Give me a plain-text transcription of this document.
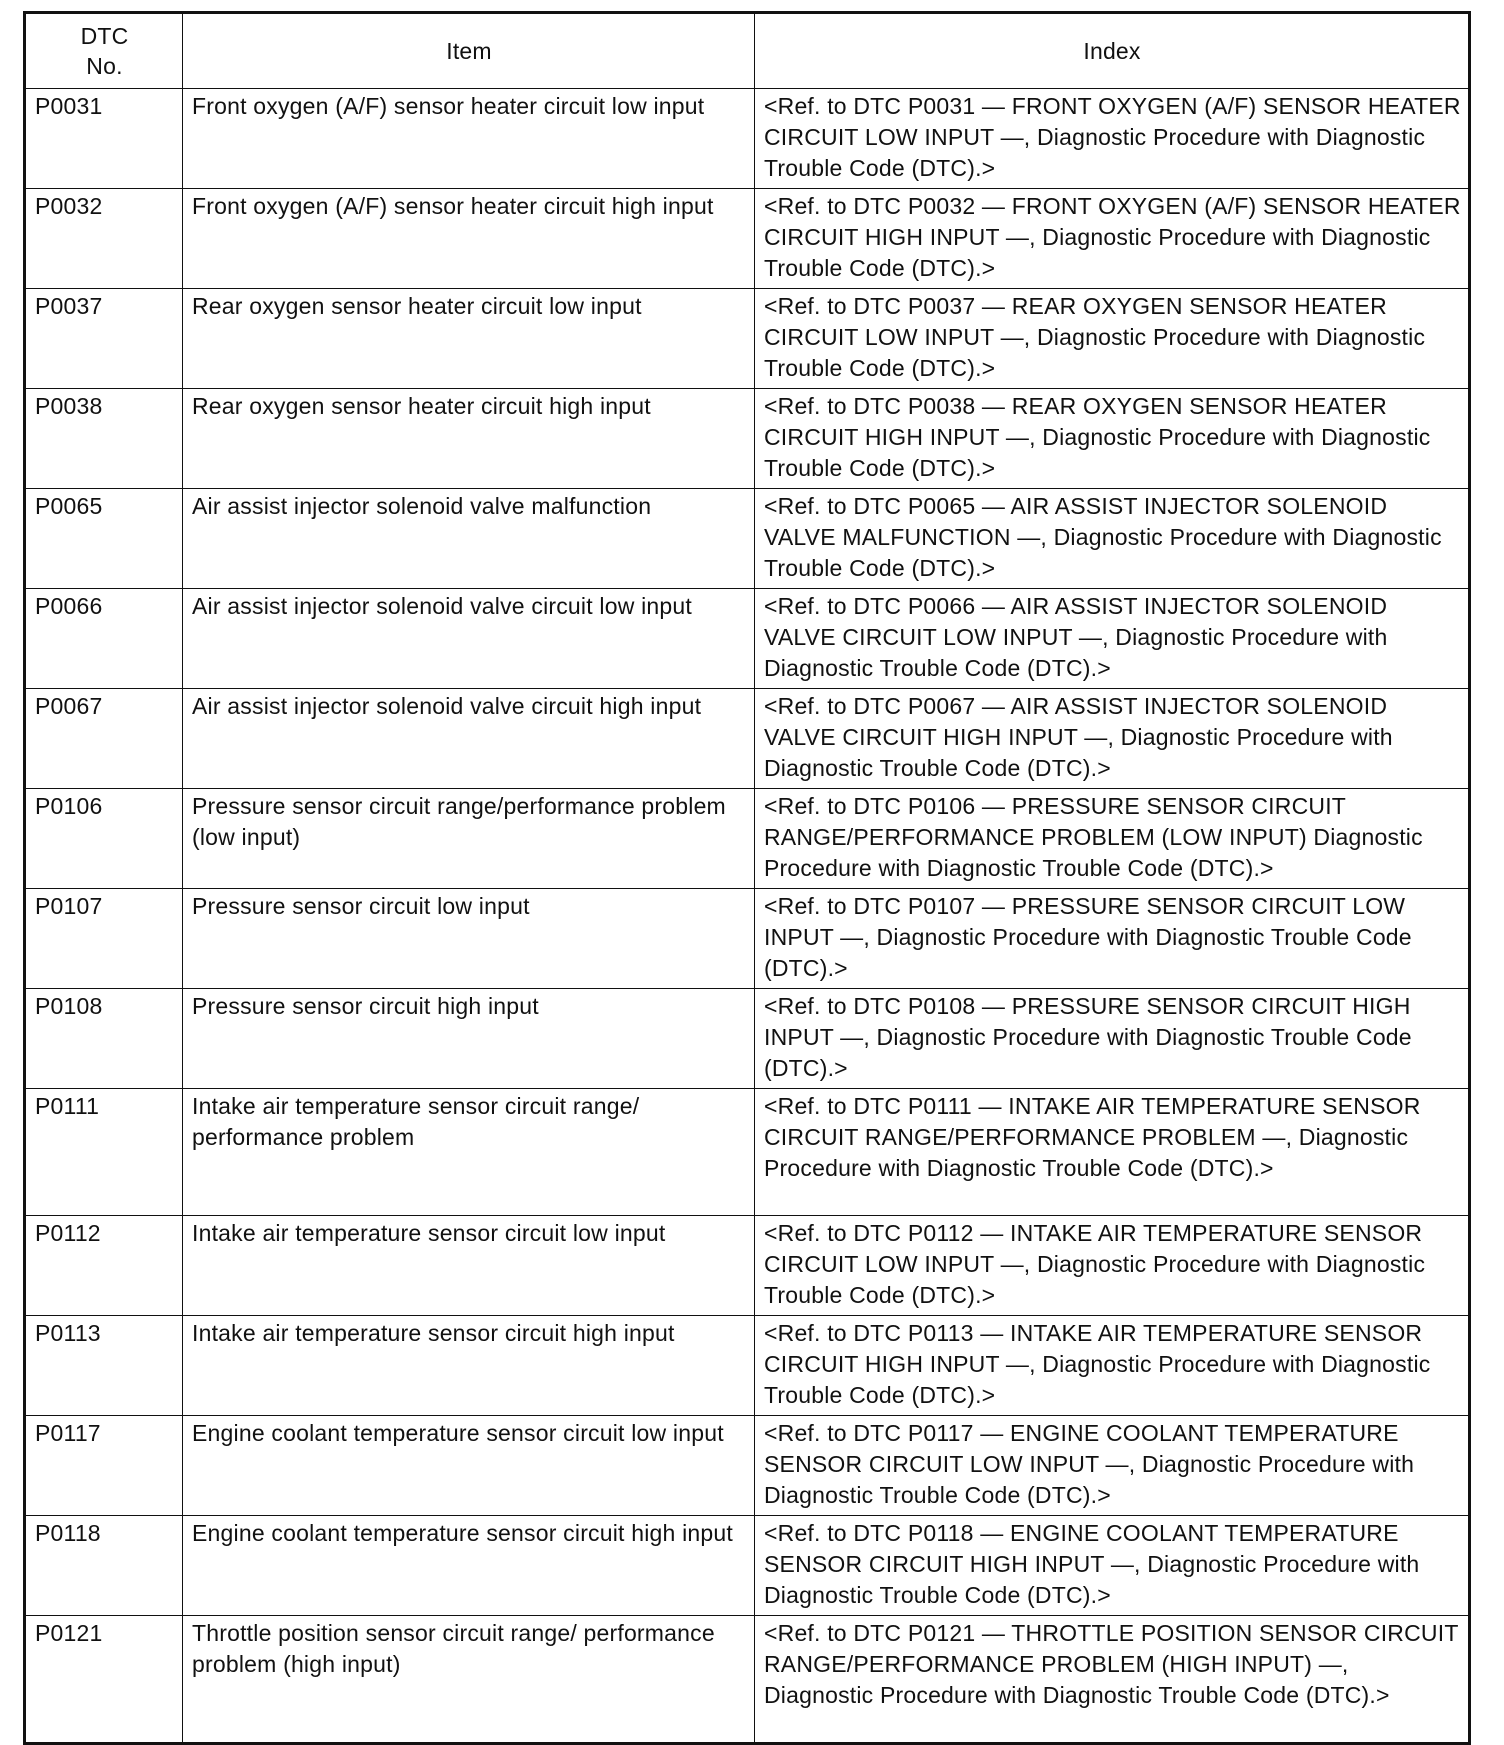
DTC
No.	Item	Index
P0031	Front oxygen (A/F) sensor heater circuit low input	<Ref. to DTC P0031 — FRONT OXYGEN (A/F) SENSOR HEATER CIRCUIT LOW INPUT —, Diagnostic Procedure with Diagnostic Trouble Code (DTC).>
P0032	Front oxygen (A/F) sensor heater circuit high input	<Ref. to DTC P0032 — FRONT OXYGEN (A/F) SENSOR HEATER CIRCUIT HIGH INPUT —, Diagnostic Procedure with Diagnostic Trouble Code (DTC).>
P0037	Rear oxygen sensor heater circuit low input	<Ref. to DTC P0037 — REAR OXYGEN SENSOR HEATER CIRCUIT LOW INPUT —, Diagnostic Procedure with Diagnostic Trouble Code (DTC).>
P0038	Rear oxygen sensor heater circuit high input	<Ref. to DTC P0038 — REAR OXYGEN SENSOR HEATER CIRCUIT HIGH INPUT —, Diagnostic Procedure with Diagnostic Trouble Code (DTC).>
P0065	Air assist injector solenoid valve malfunction	<Ref. to DTC P0065 — AIR ASSIST INJECTOR SOLENOID VALVE MALFUNCTION —, Diagnostic Procedure with Diagnostic Trouble Code (DTC).>
P0066	Air assist injector solenoid valve circuit low input	<Ref. to DTC P0066 — AIR ASSIST INJECTOR SOLENOID VALVE CIRCUIT LOW INPUT —, Diagnostic Procedure with Diagnostic Trouble Code (DTC).>
P0067	Air assist injector solenoid valve circuit high input	<Ref. to DTC P0067 — AIR ASSIST INJECTOR SOLENOID VALVE CIRCUIT HIGH INPUT —, Diagnostic Procedure with Diagnostic Trouble Code (DTC).>
P0106	Pressure sensor circuit range/performance problem (low input)	<Ref. to DTC P0106 — PRESSURE SENSOR CIRCUIT RANGE/PERFORMANCE PROBLEM (LOW INPUT) Diagnostic Procedure with Diagnostic Trouble Code (DTC).>
P0107	Pressure sensor circuit low input	<Ref. to DTC P0107 — PRESSURE SENSOR CIRCUIT LOW INPUT —, Diagnostic Procedure with Diagnostic Trouble Code (DTC).>
P0108	Pressure sensor circuit high input	<Ref. to DTC P0108 — PRESSURE SENSOR CIRCUIT HIGH INPUT —, Diagnostic Procedure with Diagnostic Trouble Code (DTC).>
P0111	Intake air temperature sensor circuit range/ performance problem	<Ref. to DTC P0111 — INTAKE AIR TEMPERATURE SENSOR CIRCUIT RANGE/PERFORMANCE PROBLEM —, Diagnostic Procedure with Diagnostic Trouble Code (DTC).>
P0112	Intake air temperature sensor circuit low input	<Ref. to DTC P0112 — INTAKE AIR TEMPERATURE SENSOR CIRCUIT LOW INPUT —, Diagnostic Procedure with Diagnostic Trouble Code (DTC).>
P0113	Intake air temperature sensor circuit high input	<Ref. to DTC P0113 — INTAKE AIR TEMPERATURE SENSOR CIRCUIT HIGH INPUT —, Diagnostic Procedure with Diagnostic Trouble Code (DTC).>
P0117	Engine coolant temperature sensor circuit low input	<Ref. to DTC P0117 — ENGINE COOLANT TEMPERATURE SENSOR CIRCUIT LOW INPUT —, Diagnostic Procedure with Diagnostic Trouble Code (DTC).>
P0118	Engine coolant temperature sensor circuit high input	<Ref. to DTC P0118 — ENGINE COOLANT TEMPERATURE SENSOR CIRCUIT HIGH INPUT —, Diagnostic Procedure with Diagnostic Trouble Code (DTC).>
P0121	Throttle position sensor circuit range/ performance problem (high input)	<Ref. to DTC P0121 — THROTTLE POSITION SENSOR CIRCUIT RANGE/PERFORMANCE PROBLEM (HIGH INPUT) —, Diagnostic Procedure with Diagnostic Trouble Code (DTC).>
